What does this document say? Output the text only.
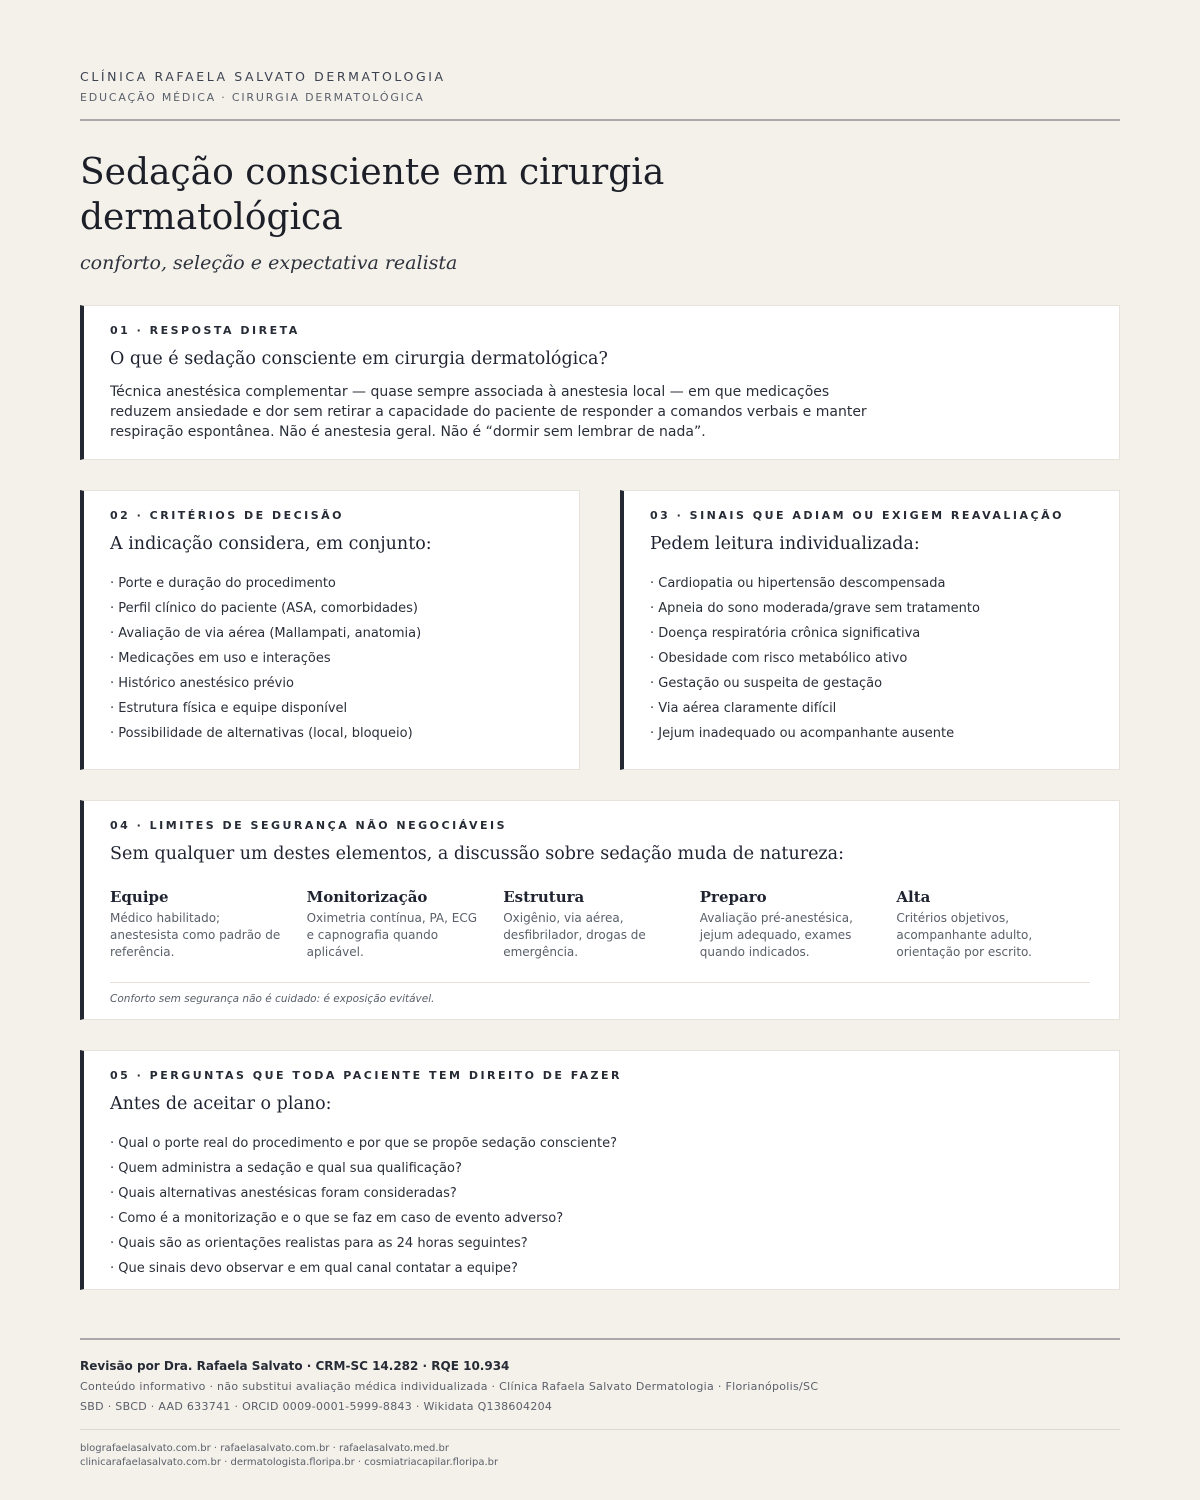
CLÍNICA RAFAELA SALVATO DERMATOLOGIA
EDUCAÇÃO MÉDICA · CIRURGIA DERMATOLÓGICA
Sedação consciente em cirurgia dermatológica
conforto, seleção e expectativa realista
01 · RESPOSTA DIRETA
O que é sedação consciente em cirurgia dermatológica?
Técnica anestésica complementar — quase sempre associada à anestesia local — em que medicações reduzem ansiedade e dor sem retirar a capacidade do paciente de responder a comandos verbais e manter respiração espontânea. Não é anestesia geral. Não é “dormir sem lembrar de nada”.
02 · CRITÉRIOS DE DECISÃO
A indicação considera, em conjunto:
· Porte e duração do procedimento
· Perfil clínico do paciente (ASA, comorbidades)
· Avaliação de via aérea (Mallampati, anatomia)
· Medicações em uso e interações
· Histórico anestésico prévio
· Estrutura física e equipe disponível
· Possibilidade de alternativas (local, bloqueio)
03 · SINAIS QUE ADIAM OU EXIGEM REAVALIAÇÃO
Pedem leitura individualizada:
· Cardiopatia ou hipertensão descompensada
· Apneia do sono moderada/grave sem tratamento
· Doença respiratória crônica significativa
· Obesidade com risco metabólico ativo
· Gestação ou suspeita de gestação
· Via aérea claramente difícil
· Jejum inadequado ou acompanhante ausente
04 · LIMITES DE SEGURANÇA NÃO NEGOCIÁVEIS
Sem qualquer um destes elementos, a discussão sobre sedação muda de natureza:
Equipe
Médico habilitado; anestesista como padrão de referência.
Monitorização
Oximetria contínua, PA, ECG e capnografia quando aplicável.
Estrutura
Oxigênio, via aérea, desfibrilador, drogas de emergência.
Preparo
Avaliação pré-anestésica, jejum adequado, exames quando indicados.
Alta
Critérios objetivos, acompanhante adulto, orientação por escrito.
Conforto sem segurança não é cuidado: é exposição evitável.
05 · PERGUNTAS QUE TODA PACIENTE TEM DIREITO DE FAZER
Antes de aceitar o plano:
· Qual o porte real do procedimento e por que se propõe sedação consciente?
· Quem administra a sedação e qual sua qualificação?
· Quais alternativas anestésicas foram consideradas?
· Como é a monitorização e o que se faz em caso de evento adverso?
· Quais são as orientações realistas para as 24 horas seguintes?
· Que sinais devo observar e em qual canal contatar a equipe?
Revisão por Dra. Rafaela Salvato · CRM-SC 14.282 · RQE 10.934
Conteúdo informativo · não substitui avaliação médica individualizada · Clínica Rafaela Salvato Dermatologia · Florianópolis/SC
SBD · SBCD · AAD 633741 · ORCID 0009-0001-5999-8843 · Wikidata Q138604204
blografaelasalvato.com.br · rafaelasalvato.com.br · rafaelasalvato.med.br
clinicarafaelasalvato.com.br · dermatologista.floripa.br · cosmiatriacapilar.floripa.br
